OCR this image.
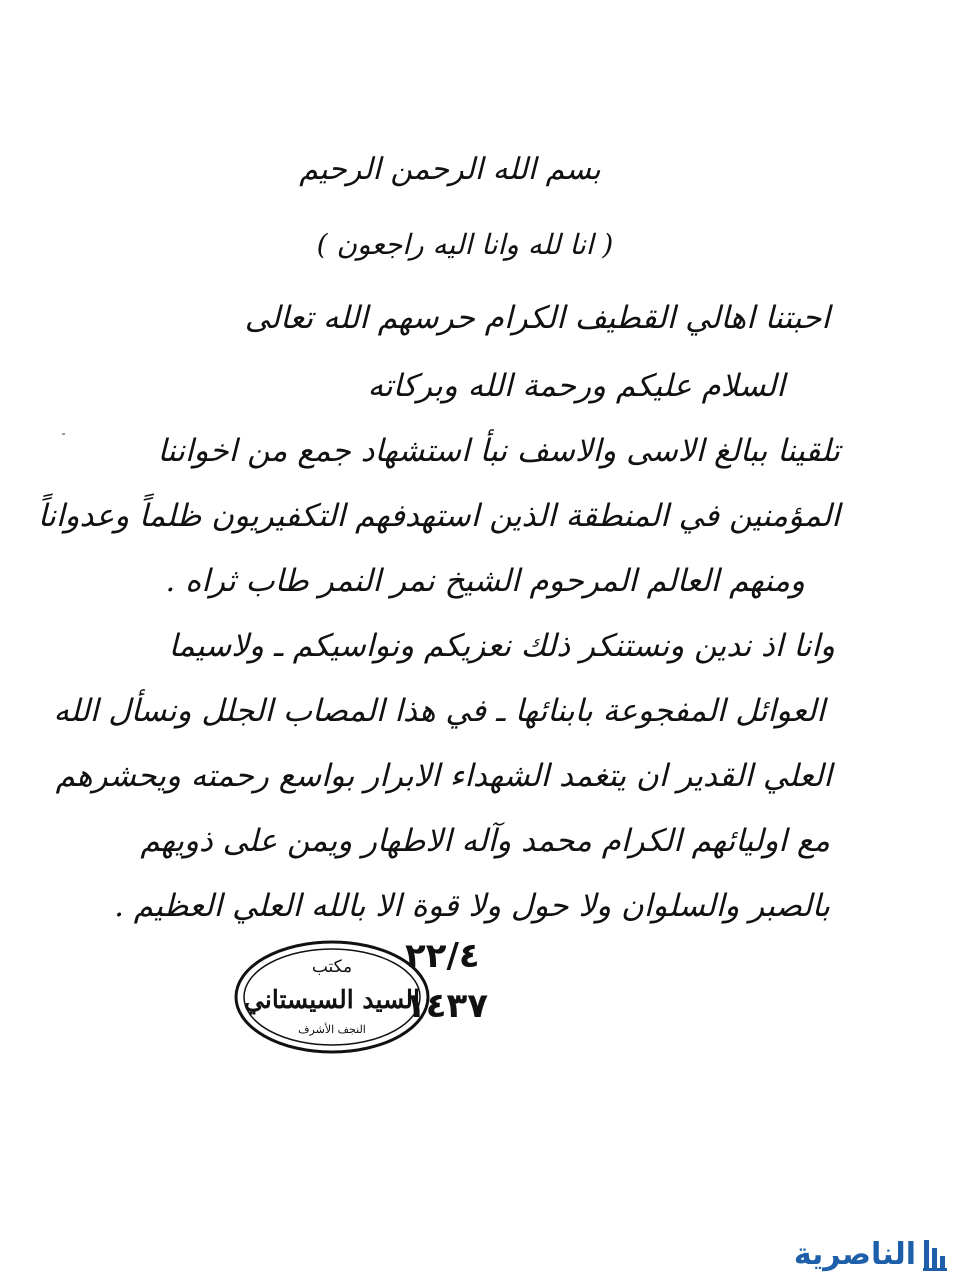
بسم الله الرحمن الرحيم
( انا لله وانا اليه راجعون )
احبتنا اهالي القطيف الكرام حرسهم الله تعالى
السلام عليكم ورحمة الله وبركاته
تلقينا ببالغ الاسى والاسف نبأ استشهاد جمع من اخواننا
المؤمنين في المنطقة الذين استهدفهم التكفيريون ظلماً وعدواناً
ومنهم العالم المرحوم الشيخ نمر النمر طاب ثراه .
وانا اذ ندين ونستنكر ذلك نعزيكم ونواسيكم ـ ولاسيما
العوائل المفجوعة بابنائها ـ في هذا المصاب الجلل ونسأل الله
العلي القدير ان يتغمد الشهداء الابرار بواسع رحمته ويحشرهم
مع اوليائهم الكرام محمد وآله الاطهار ويمن على ذويهم
بالصبر والسلوان ولا حول ولا قوة الا بالله العلي العظيم .
٢٢/٤
١٤٣٧
مكتب
السيد السيستاني
النجف الأشرف
الناصرية
